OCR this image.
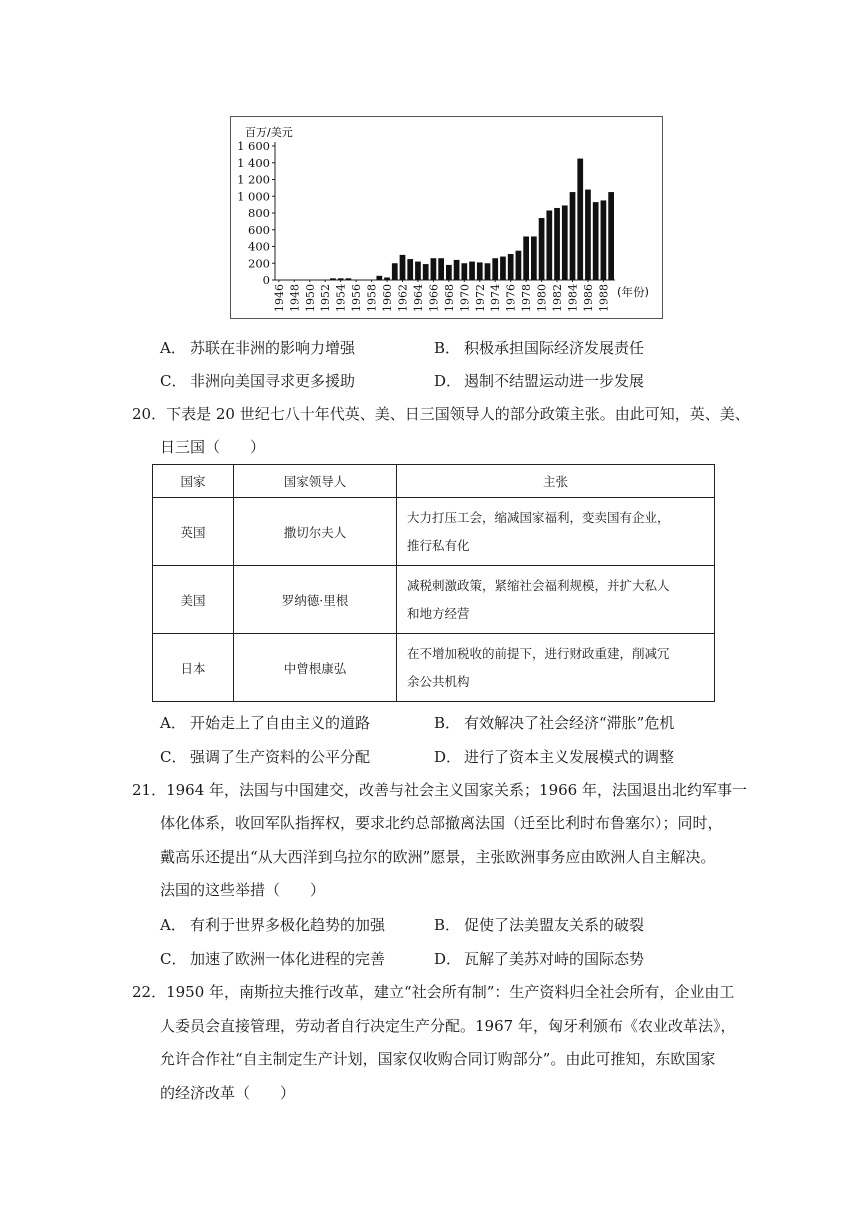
百万/美元
0
200
400
600
800
1 000
1 200
1 400
1 600
1946 1948 1950 1952 1954 1956 1958 1960 1962 1964 1966 1968 1970 1972 1974 1976 1978 1980 1982 1984 1986 1988 (年份)
A． 苏联在非洲的影响力增强	B． 积极承担国际经济发展责任
C． 非洲向美国寻求更多援助	D． 遏制不结盟运动进一步发展
20．下表是 20 世纪七八十年代英、美、日三国领导人的部分政策主张。由此可知，英、美、
日三国（　　）
国家	国家领导人	主张
英国	撒切尔夫人	大力打压工会，缩减国家福利，变卖国有企业，
推行私有化

美国	罗纳德·里根	减税刺激政策，紧缩社会福利规模，并扩大私人
和地方经营

日本	中曾根康弘	在不增加税收的前提下，进行财政重建，削减冗
余公共机构
A． 开始走上了自由主义的道路	B． 有效解决了社会经济“滞胀”危机
C． 强调了生产资料的公平分配	D． 进行了资本主义发展模式的调整
21．1964 年，法国与中国建交，改善与社会主义国家关系；1966 年，法国退出北约军事一
体化体系，收回军队指挥权，要求北约总部撤离法国（迁至比利时布鲁塞尔）；同时，
戴高乐还提出“从大西洋到乌拉尔的欧洲”愿景，主张欧洲事务应由欧洲人自主解决。
法国的这些举措（　　）
A． 有利于世界多极化趋势的加强	B． 促使了法美盟友关系的破裂
C． 加速了欧洲一体化进程的完善	D． 瓦解了美苏对峙的国际态势
22．1950 年，南斯拉夫推行改革，建立“社会所有制”：生产资料归全社会所有，企业由工
人委员会直接管理，劳动者自行决定生产分配。1967 年，匈牙利颁布《农业改革法》，
允许合作社“自主制定生产计划，国家仅收购合同订购部分”。由此可推知，东欧国家
的经济改革（　　）
